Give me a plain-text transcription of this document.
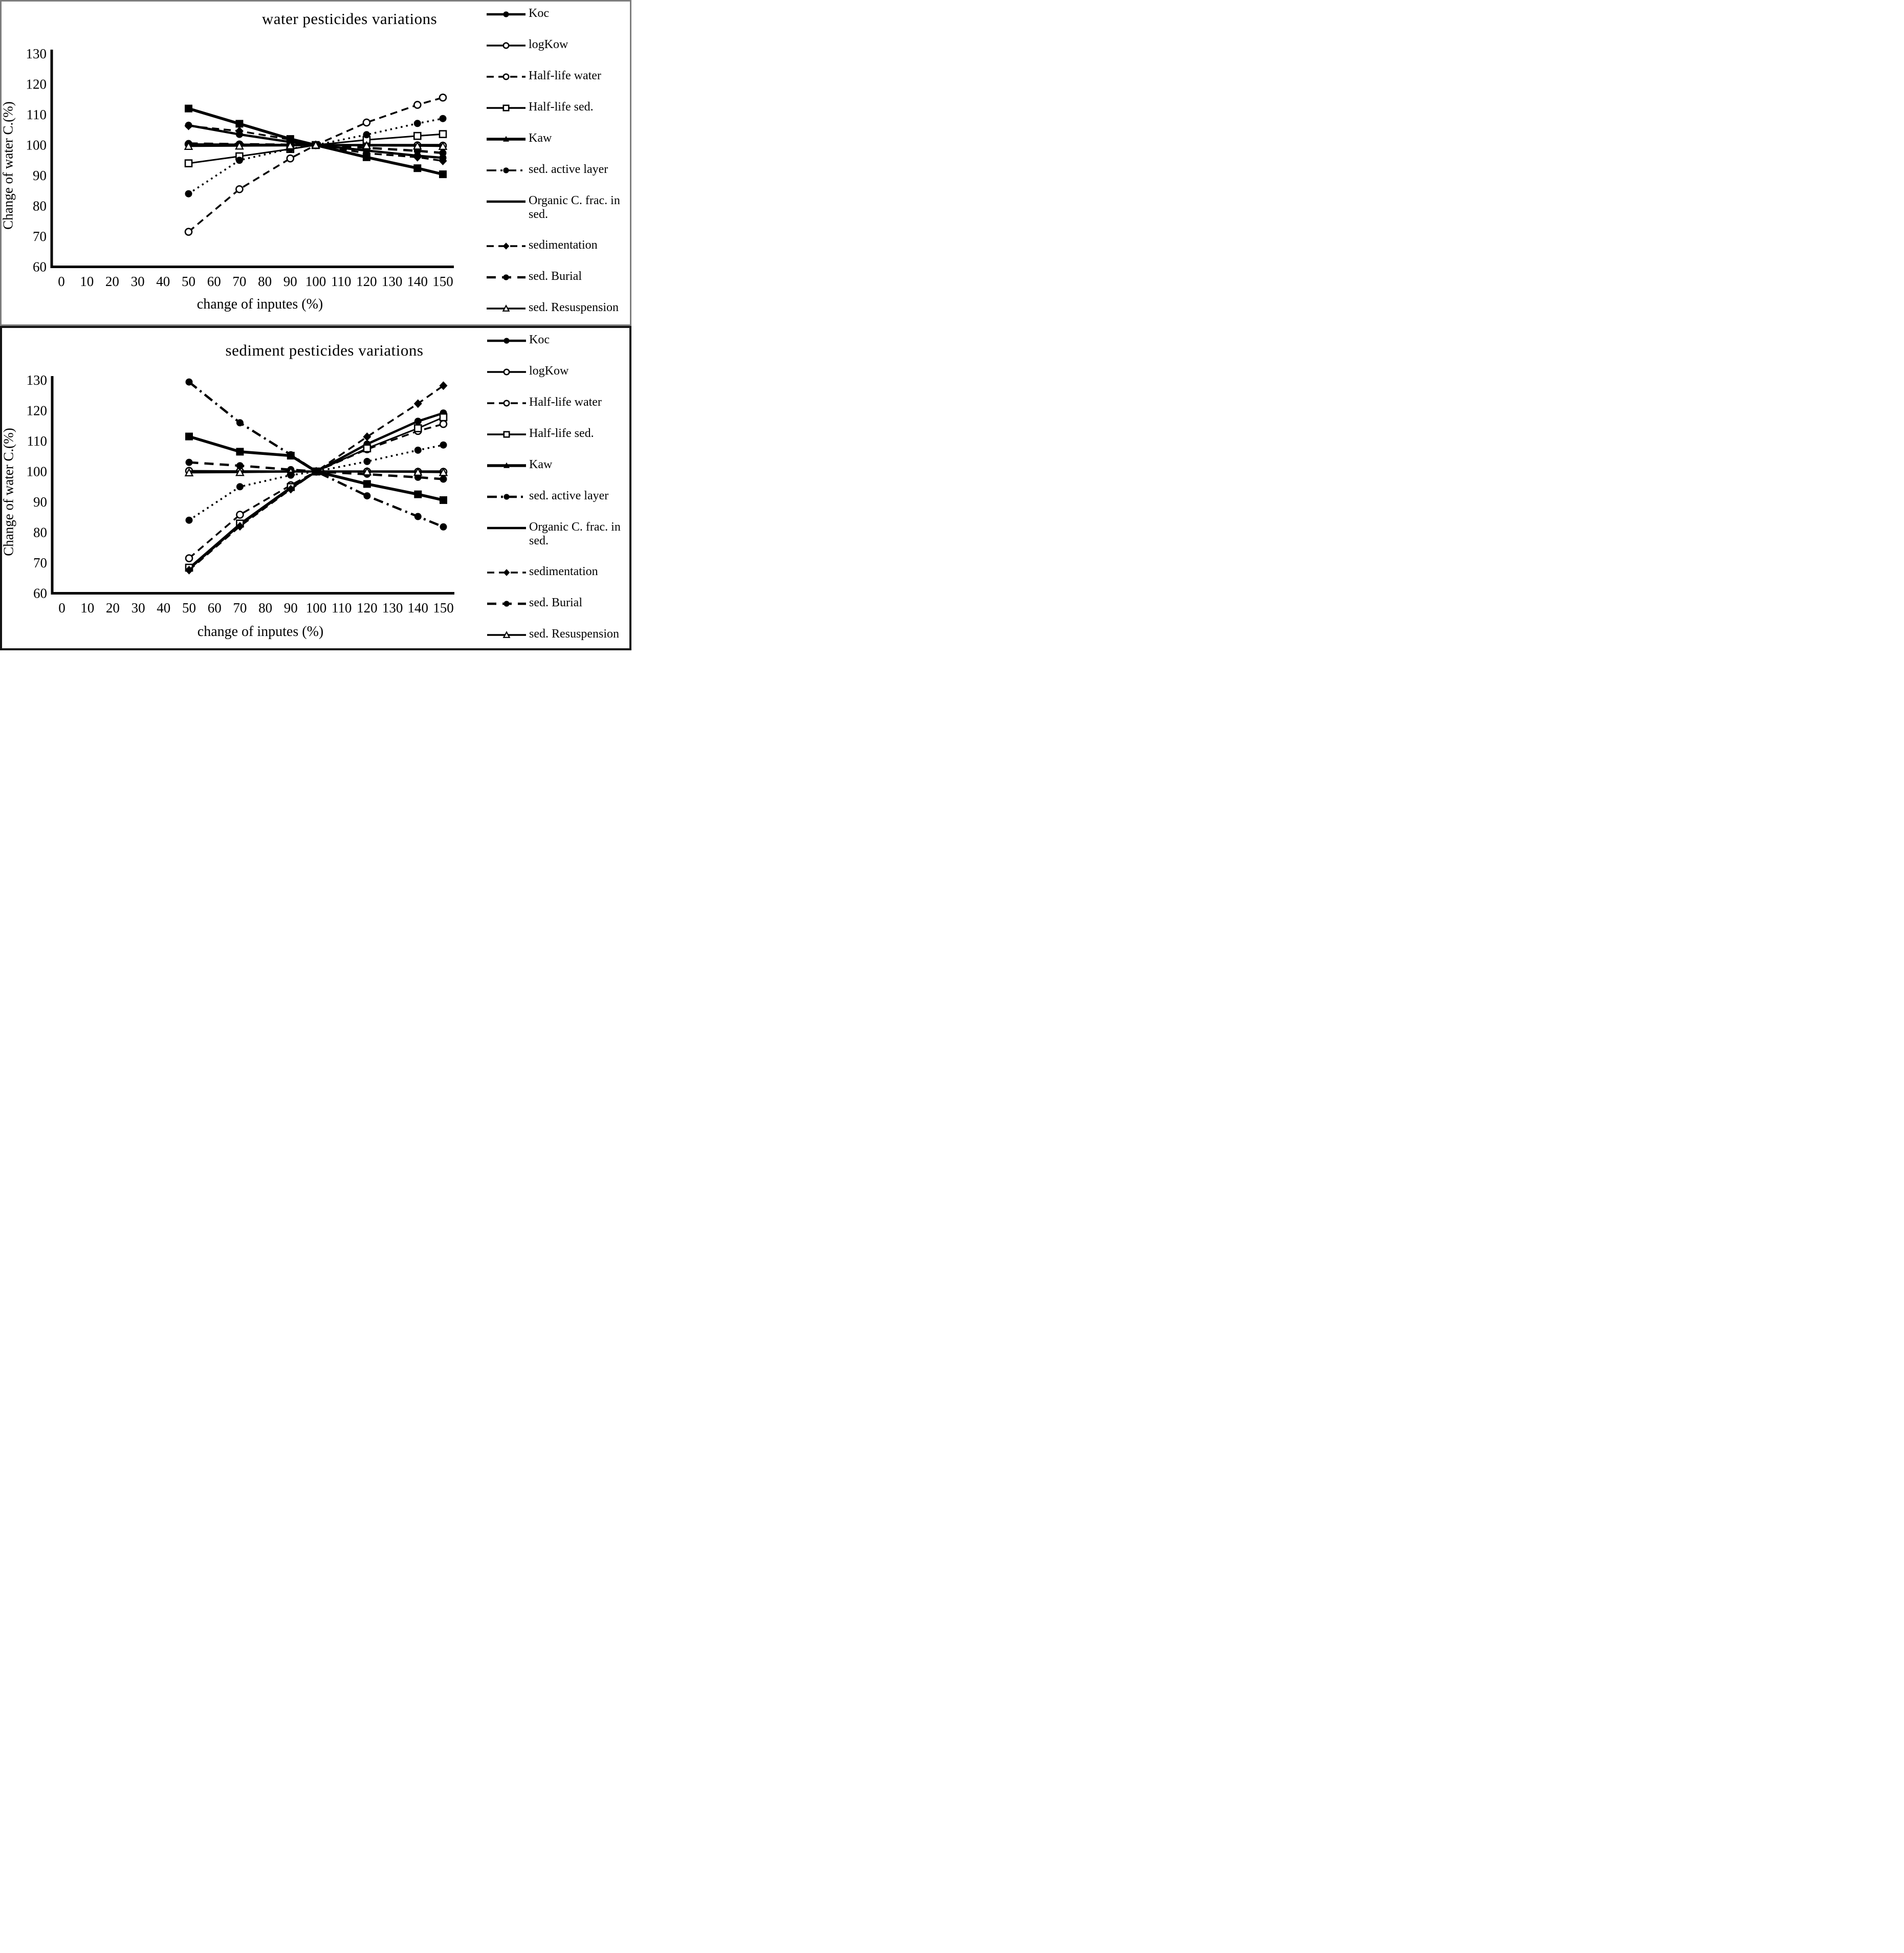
water pesticides variations
Change of water C.(%)
60
70
80
90
100
110
120
130
0 10 20 30 40 50 60 70 80 90 100 110 120 130 140 150
change of inputes (%)
Koc
logKow
Half-life water
Half-life sed.
Kaw
sed. active layer
Organic C. frac. in sed.
sedimentation
sed. Burial
sed. Resuspension
sediment pesticides variations
Change of water C.(%)
60
70
80
90
100
110
120
130
0 10 20 30 40 50 60 70 80 90 100 110 120 130 140 150
change of inputes (%)
Koc
logKow
Half-life water
Half-life sed.
Kaw
sed. active layer
Organic C. frac. in sed.
sedimentation
sed. Burial
sed. Resuspension
